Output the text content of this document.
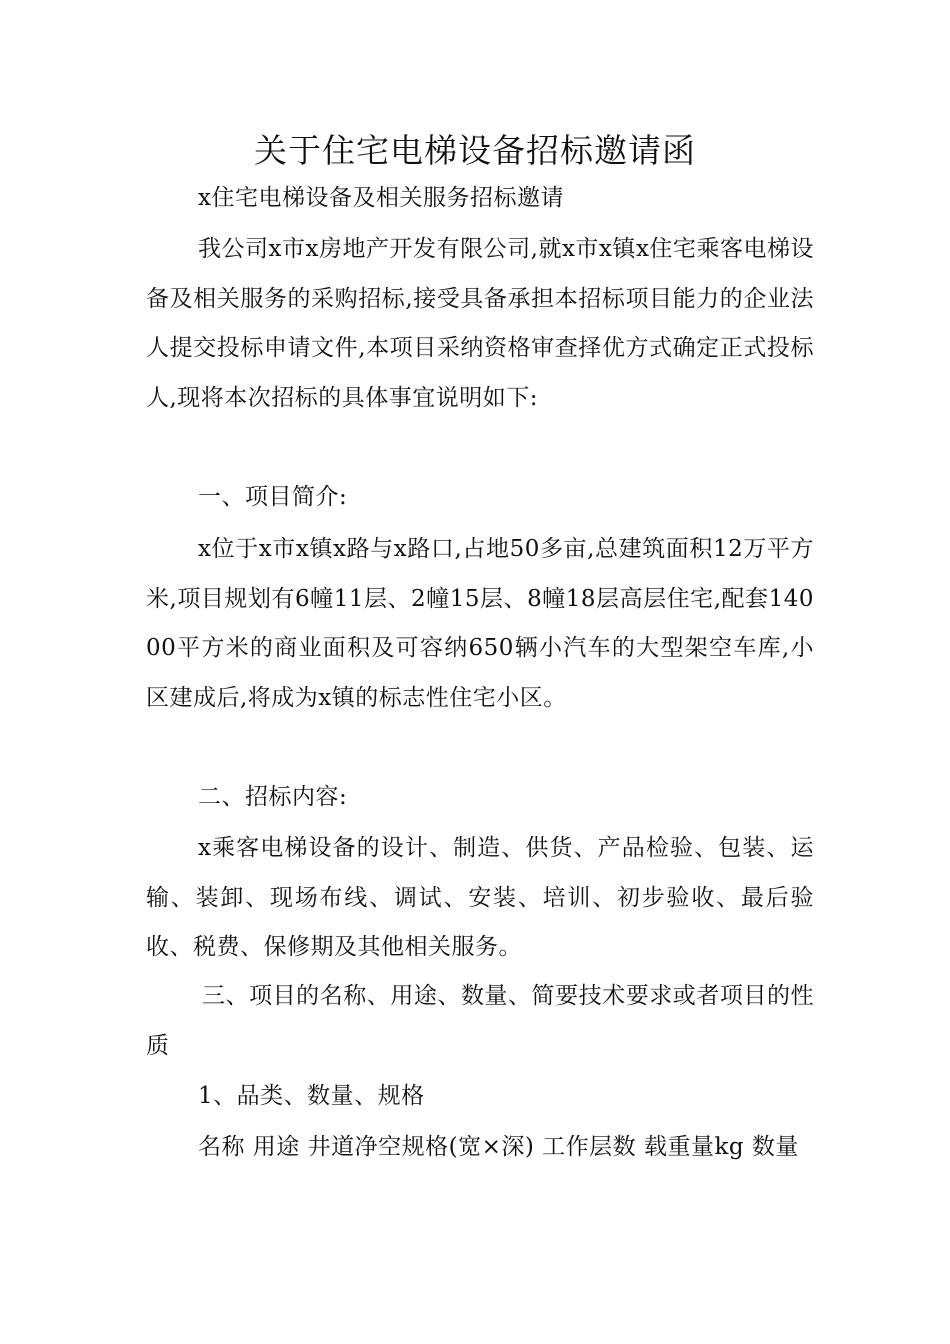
关于住宅电梯设备招标邀请函

x住宅电梯设备及相关服务招标邀请

我公司x市x房地产开发有限公司,就x市x镇x住宅乘客电梯设备及相关服务的采购招标,接受具备承担本招标项目能力的企业法人提交投标申请文件,本项目采纳资格审查择优方式确定正式投标人,现将本次招标的具体事宜说明如下:

一、项目简介:

x位于x市x镇x路与x路口,占地50多亩,总建筑面积12万平方米,项目规划有6幢11层、2幢15层、8幢18层高层住宅,配套14000平方米的商业面积及可容纳650辆小汽车的大型架空车库,小区建成后,将成为x镇的标志性住宅小区。

二、招标内容:

x乘客电梯设备的设计、制造、供货、产品检验、包装、运输、装卸、现场布线、调试、安装、培训、初步验收、最后验收、税费、保修期及其他相关服务。

三、项目的名称、用途、数量、简要技术要求或者项目的性质

1、品类、数量、规格

名称 用途 井道净空规格(宽×深) 工作层数 载重量kg 数量
